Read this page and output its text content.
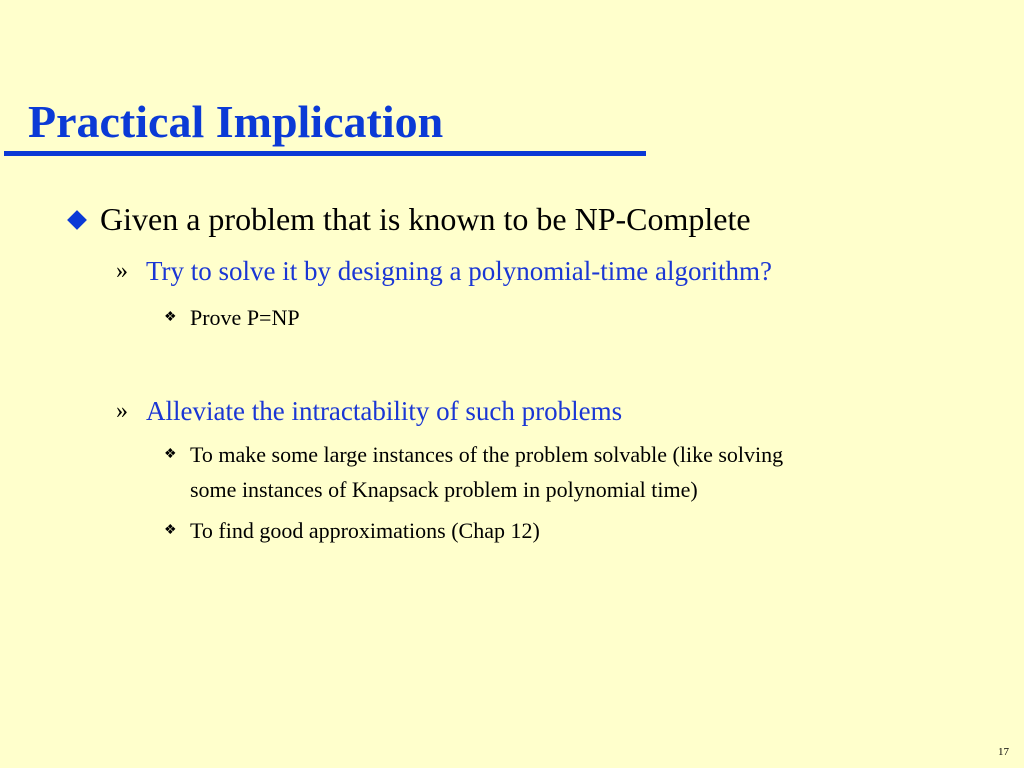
Practical Implication
Given a problem that is known to be NP-Complete
» Try to solve it by designing a polynomial-time algorithm?
❖ Prove P=NP
» Alleviate the intractability of such problems
❖ To make some large instances of the problem solvable (like solving
some instances of Knapsack problem in polynomial time)
❖ To find good approximations (Chap 12)
17
